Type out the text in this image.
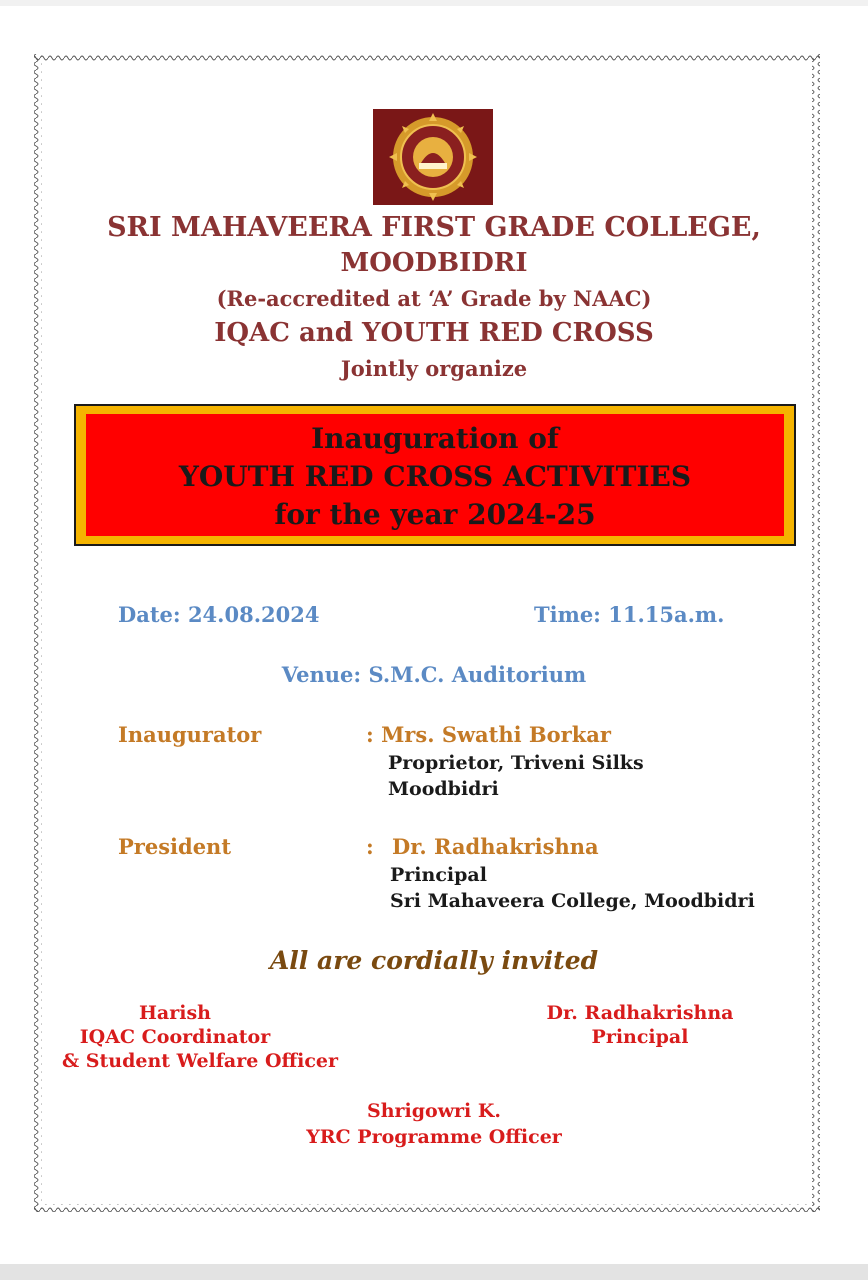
SRI MAHAVEERA FIRST GRADE COLLEGE,
MOODBIDRI
(Re-accredited at ‘A’ Grade by NAAC)
IQAC and YOUTH RED CROSS
Jointly organize
Inauguration of
YOUTH RED CROSS ACTIVITIES
for the year 2024-25
Date: 24.08.2024	Time: 11.15a.m.
Venue: S.M.C. Auditorium
Inaugurator	: Mrs. Swathi Borkar
Proprietor, Triveni Silks
Moodbidri
President	: Dr. Radhakrishna
Principal
Sri Mahaveera College, Moodbidri
All are cordially invited
Harish
IQAC Coordinator
& Student Welfare Officer
Dr. Radhakrishna
Principal
Shrigowri K.
YRC Programme Officer
